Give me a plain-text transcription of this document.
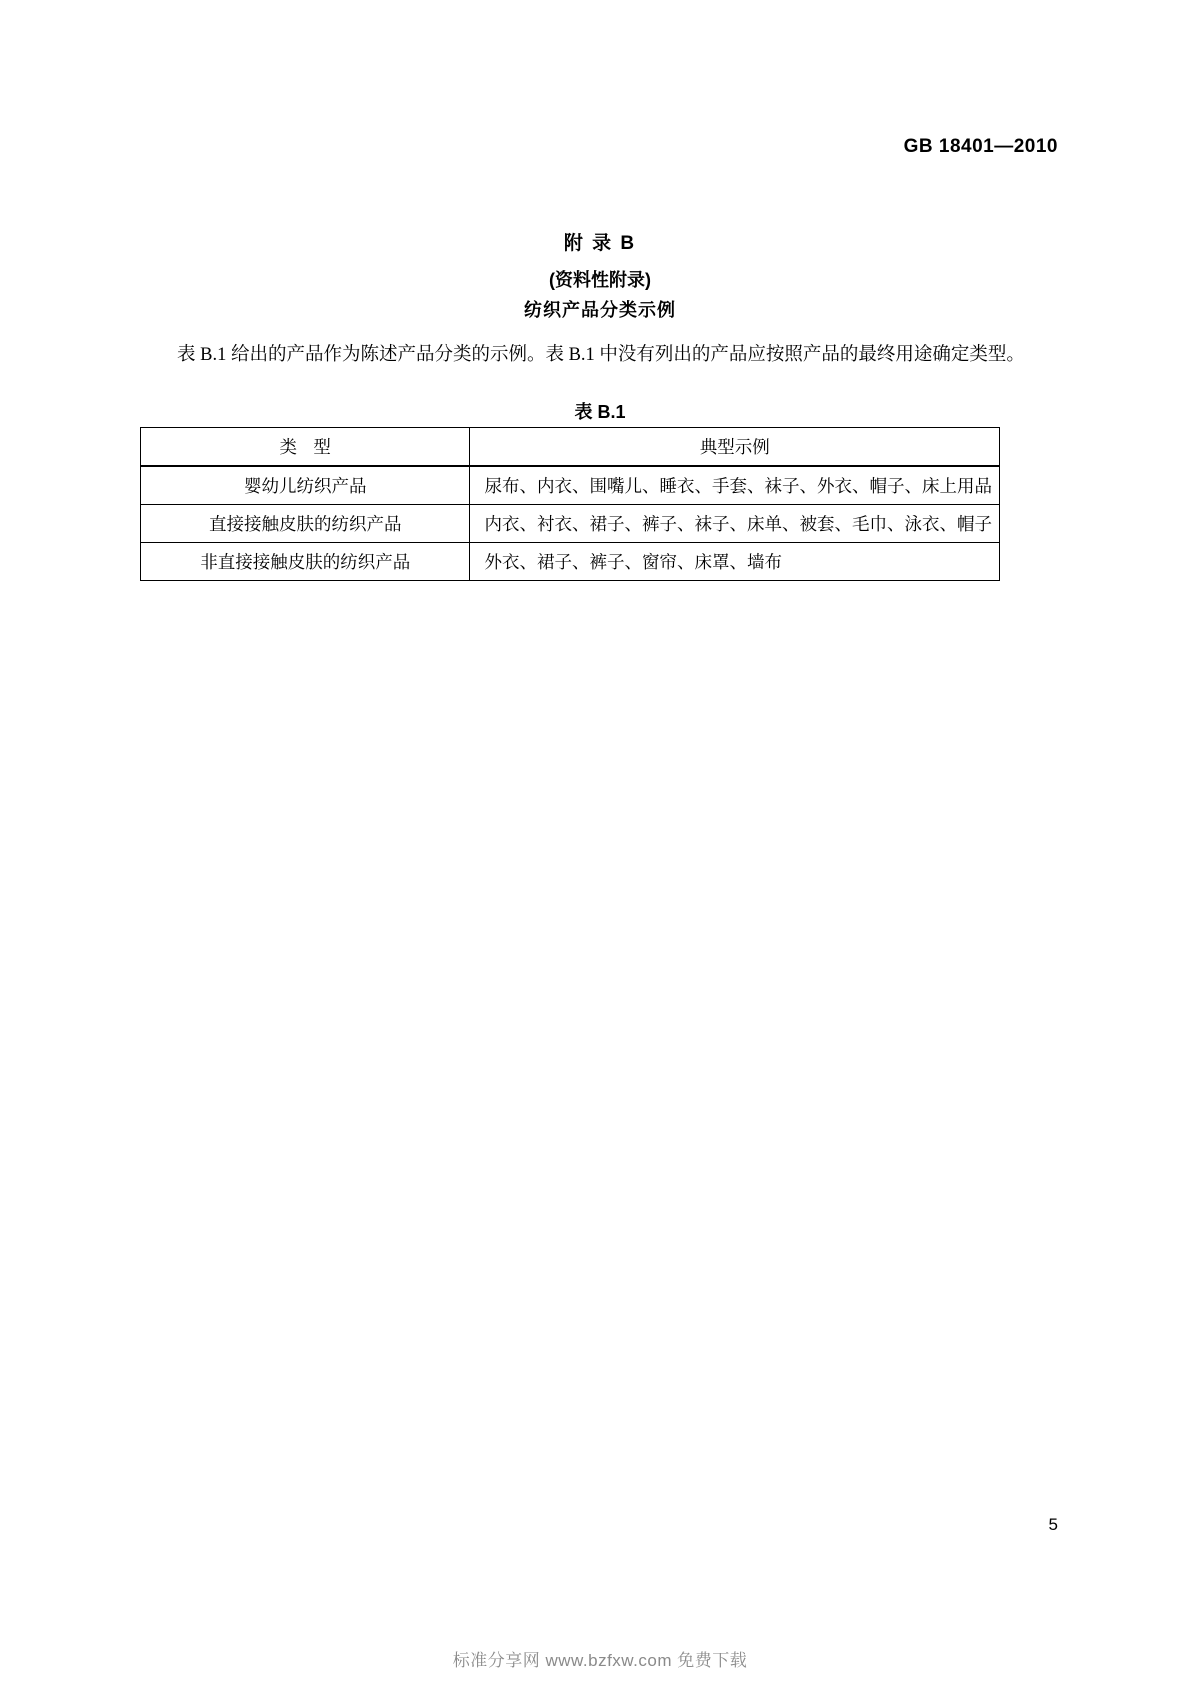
GB 18401—2010
附 录 B
(资料性附录)
纺织产品分类示例
表 B.1 给出的产品作为陈述产品分类的示例。表 B.1 中没有列出的产品应按照产品的最终用途确定类型。
表 B.1
类 型	典型示例
婴幼儿纺织产品	尿布、内衣、围嘴儿、睡衣、手套、袜子、外衣、帽子、床上用品
直接接触皮肤的纺织产品	内衣、衬衣、裙子、裤子、袜子、床单、被套、毛巾、泳衣、帽子
非直接接触皮肤的纺织产品	外衣、裙子、裤子、窗帘、床罩、墙布
5
标准分享网 www.bzfxw.com 免费下载
